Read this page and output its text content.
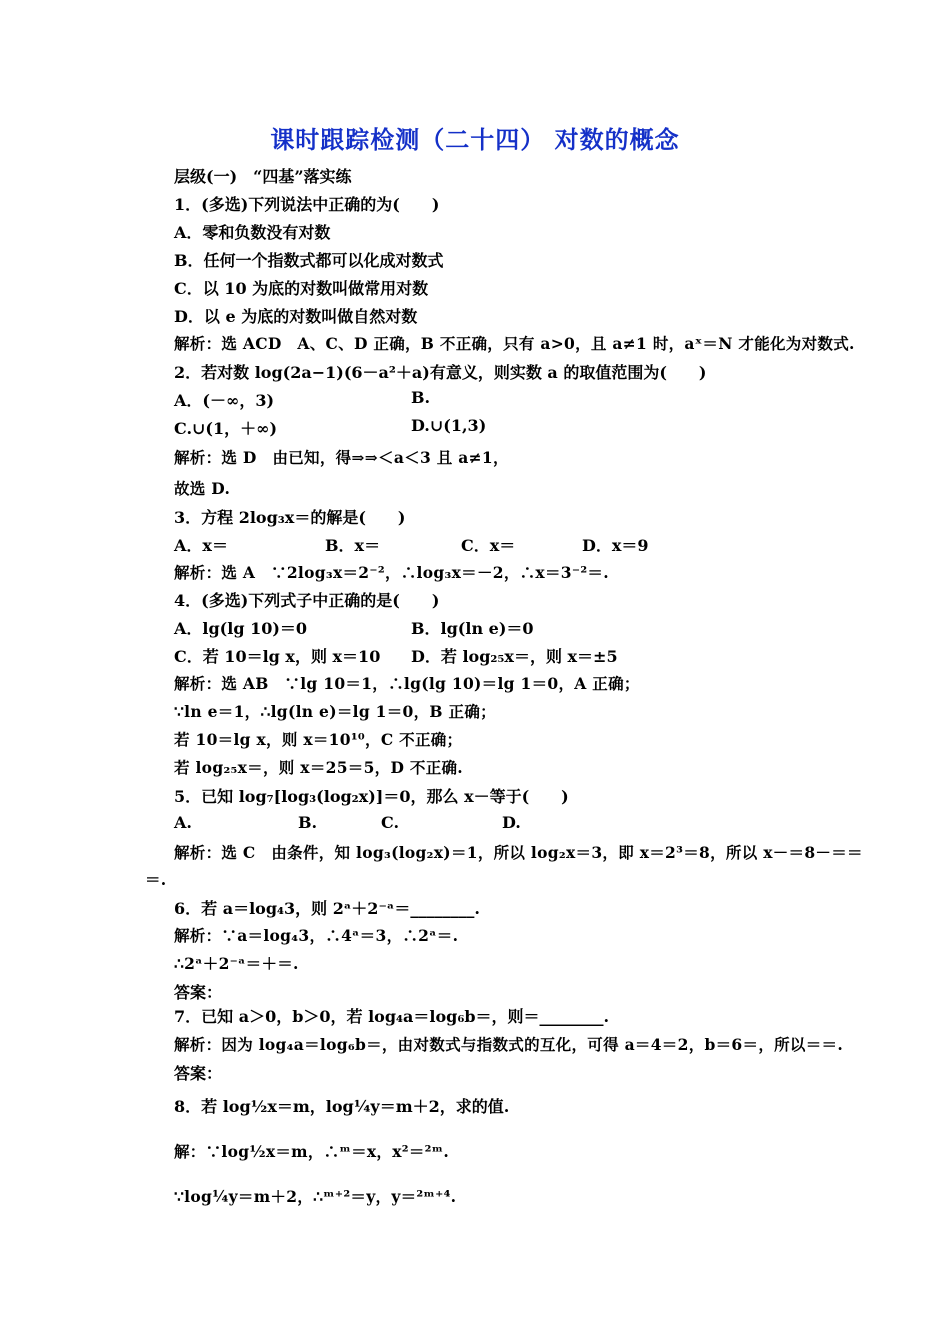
课时跟踪检测（二十四） 对数的概念
层级(一)　“四基”落实练
1．(多选)下列说法中正确的为(　　)
A．零和负数没有对数
B．任何一个指数式都可以化成对数式
C．以 10 为底的对数叫做常用对数
D．以 e 为底的对数叫做自然对数
解析：选 ACD　A、C、D 正确，B 不正确，只有 a>0，且 a≠1 时，aˣ＝N 才能化为对数式.
2．若对数 log(2a−1)(6－a²＋a)有意义，则实数 a 的取值范围为(　　)
A．(－∞，3)	B.
C.∪(1，＋∞)	D.∪(1,3)
解析：选 D　由已知，得⇒⇒＜a＜3 且 a≠1，
故选 D.
3．方程 2log₃x＝的解是(　　)
A．x＝	B．x＝	C．x＝	D．x＝9
解析：选 A　∵2log₃x＝2⁻²，∴log₃x＝－2，∴x＝3⁻²＝.
4．(多选)下列式子中正确的是(　　)
A．lg(lg 10)＝0	B．lg(ln e)＝0
C．若 10＝lg x，则 x＝10 D．若 log₂₅x＝，则 x＝±5
解析：选 AB　∵lg 10＝1，∴lg(lg 10)＝lg 1＝0，A 正确；
∵ln e＝1，∴lg(ln e)＝lg 1＝0，B 正确；
若 10＝lg x，则 x＝10¹⁰，C 不正确；
若 log₂₅x＝，则 x＝25＝5，D 不正确.
5．已知 log₇[log₃(log₂x)]＝0，那么 x－等于(　　)
A.	B.	C.	D.
解析：选 C　由条件，知 log₃(log₂x)＝1，所以 log₂x＝3，即 x＝2³＝8，所以 x－＝8－＝＝
＝.
6．若 a＝log₄3，则 2ᵃ＋2⁻ᵃ＝________.
解析：∵a＝log₄3，∴4ᵃ＝3，∴2ᵃ＝.
∴2ᵃ＋2⁻ᵃ＝＋＝.
答案：
7．已知 a＞0，b＞0，若 log₄a＝log₆b＝，则＝________.
解析：因为 log₄a＝log₆b＝，由对数式与指数式的互化，可得 a＝4＝2，b＝6＝，所以＝＝.
答案：
8．若 log½x＝m，log¼y＝m＋2，求的值.
解：∵log½x＝m，∴ᵐ＝x，x²＝²ᵐ.
∵log¼y＝m＋2，∴ᵐ⁺²＝y，y＝²ᵐ⁺⁴.
